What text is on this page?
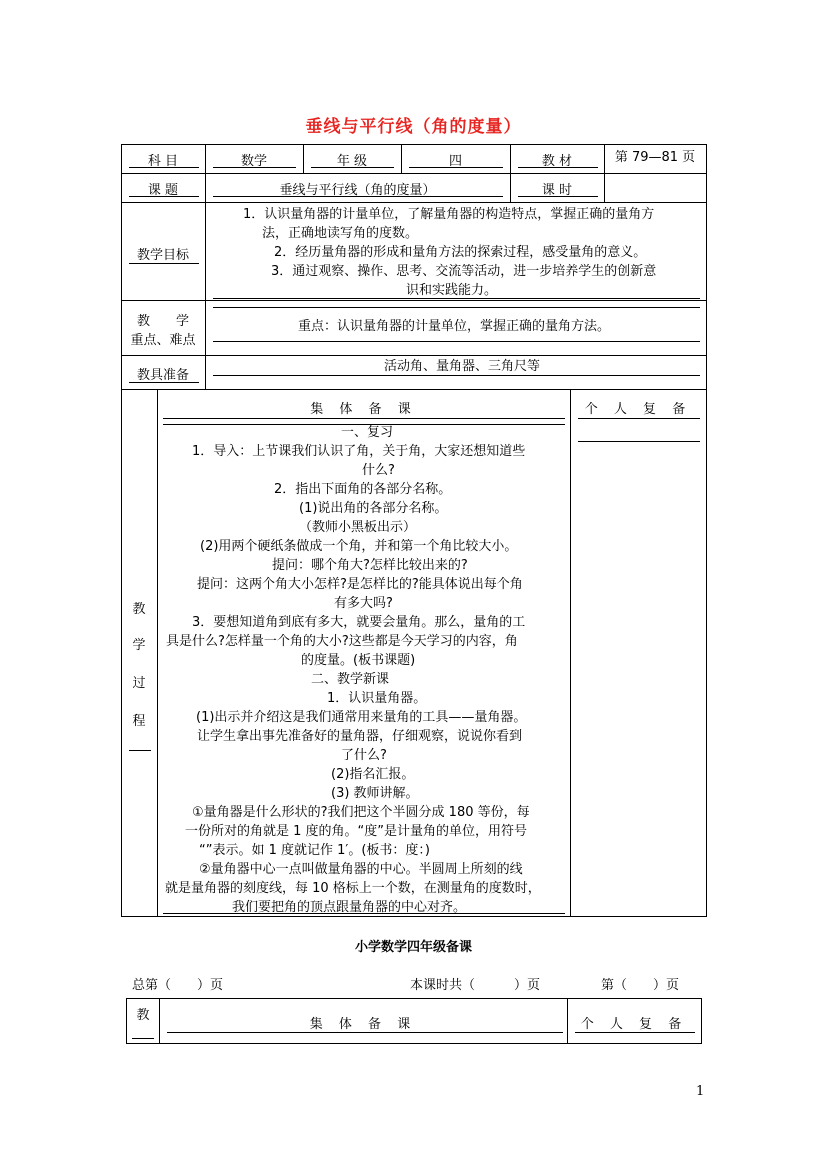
垂线与平行线（角的度量）
科 目	数学	年 级	四	教 材	第 79—81 页
课 题	垂线与平行线（角的度量）	课 时
教学目标
1．认识量角器的计量单位，了解量角器的构造特点，掌握正确的量角方
法，正确地读写角的度数。
2．经历量角器的形成和量角方法的探索过程，感受量角的意义。
3．通过观察、操作、思考、交流等活动，进一步培养学生的创新意
识和实践能力。
教　　学
重点、难点
重点：认识量角器的计量单位，掌握正确的量角方法。
教具准备
活动角、量角器、三角尺等
教
学
过
程
集 体 备 课	个 人 复 备
一、复习
1．导入：上节课我们认识了角，关于角，大家还想知道些
什么?
2．指出下面角的各部分名称。
(1)说出角的各部分名称。
（教师小黑板出示）
(2)用两个硬纸条做成一个角，并和第一个角比较大小。
提问：哪个角大?怎样比较出来的?
提问：这两个角大小怎样?是怎样比的?能具体说出每个角
有多大吗?
3．要想知道角到底有多大，就要会量角。那么，量角的工
具是什么?怎样量一个角的大小?这些都是今天学习的内容，角
的度量。(板书课题)
二、教学新课
1．认识量角器。
(1)出示并介绍这是我们通常用来量角的工具——量角器。
让学生拿出事先准备好的量角器，仔细观察，说说你看到
了什么?
(2)指名汇报。
(3) 教师讲解。
①量角器是什么形状的?我们把这个半圆分成 180 等份，每
一份所对的角就是 1 度的角。“度”是计量角的单位，用符号
“”表示。如 1 度就记作 1′。(板书：度：)
②量角器中心一点叫做量角器的中心。半圆周上所刻的线
就是量角器的刻度线，每 10 格标上一个数，在测量角的度数时，
我们要把角的顶点跟量角器的中心对齐。
小学数学四年级备课
总第（　　）页	本课时共（　　　）页	第（　　）页
教
集 体 备 课	个 人 复 备
1
